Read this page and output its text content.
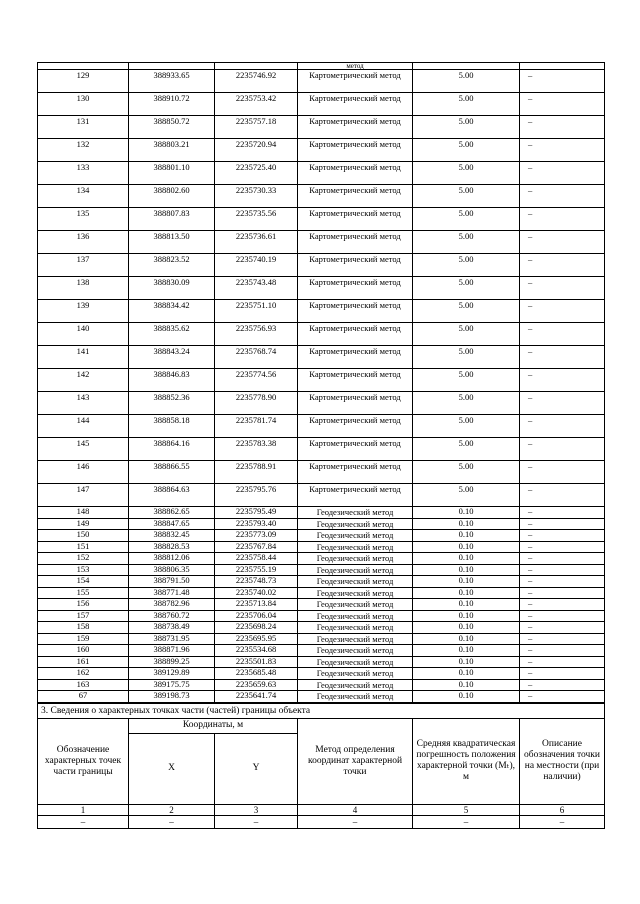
			метод		
129	388933.65	2235746.92	Картометрический метод	5.00	–
130	388910.72	2235753.42	Картометрический метод	5.00	–
131	388850.72	2235757.18	Картометрический метод	5.00	–
132	388803.21	2235720.94	Картометрический метод	5.00	–
133	388801.10	2235725.40	Картометрический метод	5.00	–
134	388802.60	2235730.33	Картометрический метод	5.00	–
135	388807.83	2235735.56	Картометрический метод	5.00	–
136	388813.50	2235736.61	Картометрический метод	5.00	–
137	388823.52	2235740.19	Картометрический метод	5.00	–
138	388830.09	2235743.48	Картометрический метод	5.00	–
139	388834.42	2235751.10	Картометрический метод	5.00	–
140	388835.62	2235756.93	Картометрический метод	5.00	–
141	388843.24	2235768.74	Картометрический метод	5.00	–
142	388846.83	2235774.56	Картометрический метод	5.00	–
143	388852.36	2235778.90	Картометрический метод	5.00	–
144	388858.18	2235781.74	Картометрический метод	5.00	–
145	388864.16	2235783.38	Картометрический метод	5.00	–
146	388866.55	2235788.91	Картометрический метод	5.00	–
147	388864.63	2235795.76	Картометрический метод	5.00	–
148	388862.65	2235795.49	Геодезический метод	0.10	–
149	388847.65	2235793.40	Геодезический метод	0.10	–
150	388832.45	2235773.09	Геодезический метод	0.10	–
151	388828.53	2235767.84	Геодезический метод	0.10	–
152	388812.06	2235758.44	Геодезический метод	0.10	–
153	388806.35	2235755.19	Геодезический метод	0.10	–
154	388791.50	2235748.73	Геодезический метод	0.10	–
155	388771.48	2235740.02	Геодезический метод	0.10	–
156	388782.96	2235713.84	Геодезический метод	0.10	–
157	388760.72	2235706.04	Геодезический метод	0.10	–
158	388738.49	2235698.24	Геодезический метод	0.10	–
159	388731.95	2235695.95	Геодезический метод	0.10	–
160	388871.96	2235534.68	Геодезический метод	0.10	–
161	388899.25	2235501.83	Геодезический метод	0.10	–
162	389129.89	2235685.48	Геодезический метод	0.10	–
163	389175.75	2235659.63	Геодезический метод	0.10	–
67	389198.73	2235641.74	Геодезический метод	0.10	–
3. Сведения о характерных точках части (частей) границы объекта					
Обозначение характерных точек части границы	Координаты, м		Метод определения координат характерной точки	Средняя квадратическая погрешность положения характерной точки (Mₜ), м	Описание обозначения точки на местности (при наличии)
	X	Y			
1	2	3	4	5	6
–	–	–	–	–	–
